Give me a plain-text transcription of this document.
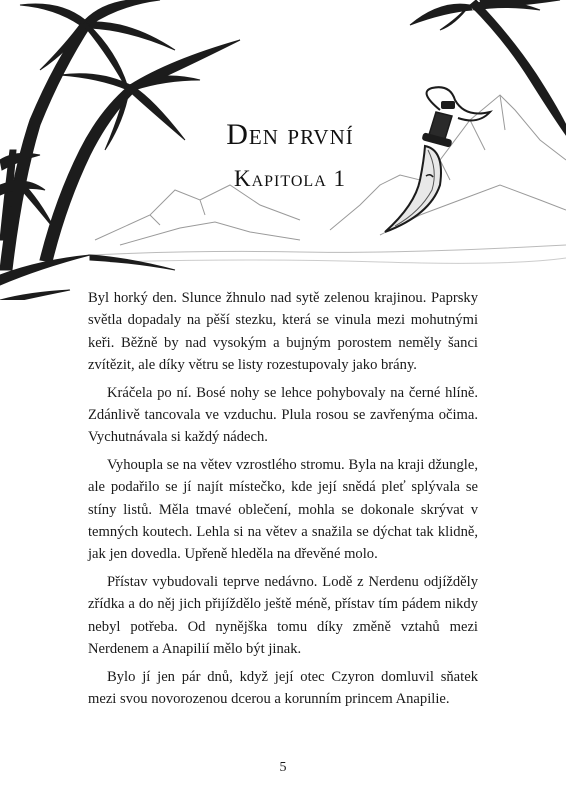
Den první
Kapitola 1

Byl horký den. Slunce žhnulo nad sytě zelenou krajinou. Paprsky světla dopadaly na pěší stezku, která se vinula mezi mohutnými keři. Běžně by nad vysokým a bujným porostem neměly šanci zvítězit, ale díky větru se listy rozestupovaly jako brány.

Kráčela po ní. Bosé nohy se lehce pohybovaly na černé hlíně. Zdánlivě tancovala ve vzduchu. Plula rosou se zavřenýma očima. Vychutnávala si každý nádech.

Vyhoupla se na větev vzrostlého stromu. Byla na kraji džungle, ale podařilo se jí najít místečko, kde její snědá pleť splývala se stíny listů. Měla tmavé oblečení, mohla se dokonale skrývat v temných koutech. Lehla si na větev a snažila se dýchat tak klidně, jak jen dovedla. Upřeně hleděla na dřevěné molo.

Přístav vybudovali teprve nedávno. Lodě z Nerdenu odjížděly zřídka a do něj jich přijíždělo ještě méně, přístav tím pádem nikdy nebyl potřeba. Od nynějška tomu díky změně vztahů mezi Nerdenem a Anapilií mělo být jinak.

Bylo jí jen pár dnů, když její otec Czyron domluvil sňatek mezi svou novorozenou dcerou a korunním princem Anapilie.

5
